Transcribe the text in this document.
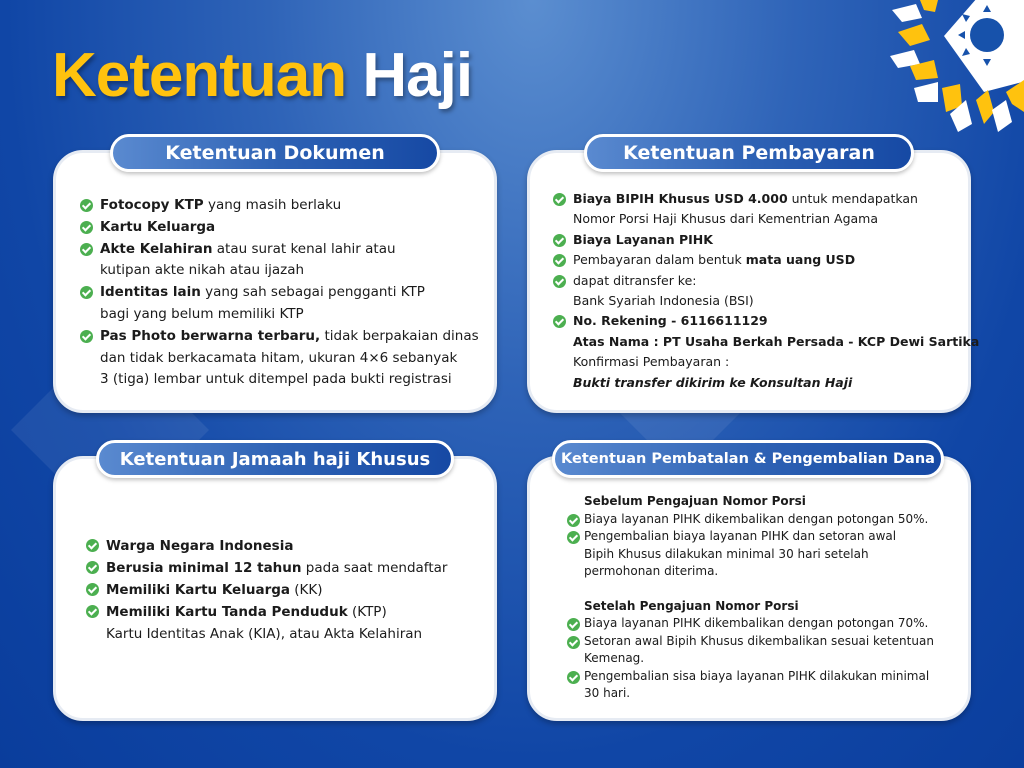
Ketentuan Haji
Ketentuan Dokumen
Fotocopy KTP yang masih berlaku
Kartu Keluarga
Akte Kelahiran atau surat kenal lahir atau
kutipan akte nikah atau ijazah
Identitas lain yang sah sebagai pengganti KTP
bagi yang belum memiliki KTP
Pas Photo berwarna terbaru, tidak berpakaian dinas
dan tidak berkacamata hitam, ukuran 4×6 sebanyak
3 (tiga) lembar untuk ditempel pada bukti registrasi
Ketentuan Pembayaran
Biaya BIPIH Khusus USD 4.000 untuk mendapatkan
Nomor Porsi Haji Khusus dari Kementrian Agama
Biaya Layanan PIHK
Pembayaran dalam bentuk mata uang USD
dapat ditransfer ke:
Bank Syariah Indonesia (BSI)
No. Rekening - 6116611129
Atas Nama : PT Usaha Berkah Persada - KCP Dewi Sartika
Konfirmasi Pembayaran :
Bukti transfer dikirim ke Konsultan Haji
Ketentuan Jamaah haji Khusus
Warga Negara Indonesia
Berusia minimal 12 tahun pada saat mendaftar
Memiliki Kartu Keluarga (KK)
Memiliki Kartu Tanda Penduduk (KTP)
Kartu Identitas Anak (KIA), atau Akta Kelahiran
Ketentuan Pembatalan & Pengembalian Dana
Sebelum Pengajuan Nomor Porsi
Biaya layanan PIHK dikembalikan dengan potongan 50%.
Pengembalian biaya layanan PIHK dan setoran awal
Bipih Khusus dilakukan minimal 30 hari setelah
permohonan diterima.
Setelah Pengajuan Nomor Porsi
Biaya layanan PIHK dikembalikan dengan potongan 70%.
Setoran awal Bipih Khusus dikembalikan sesuai ketentuan
Kemenag.
Pengembalian sisa biaya layanan PIHK dilakukan minimal
30 hari.
